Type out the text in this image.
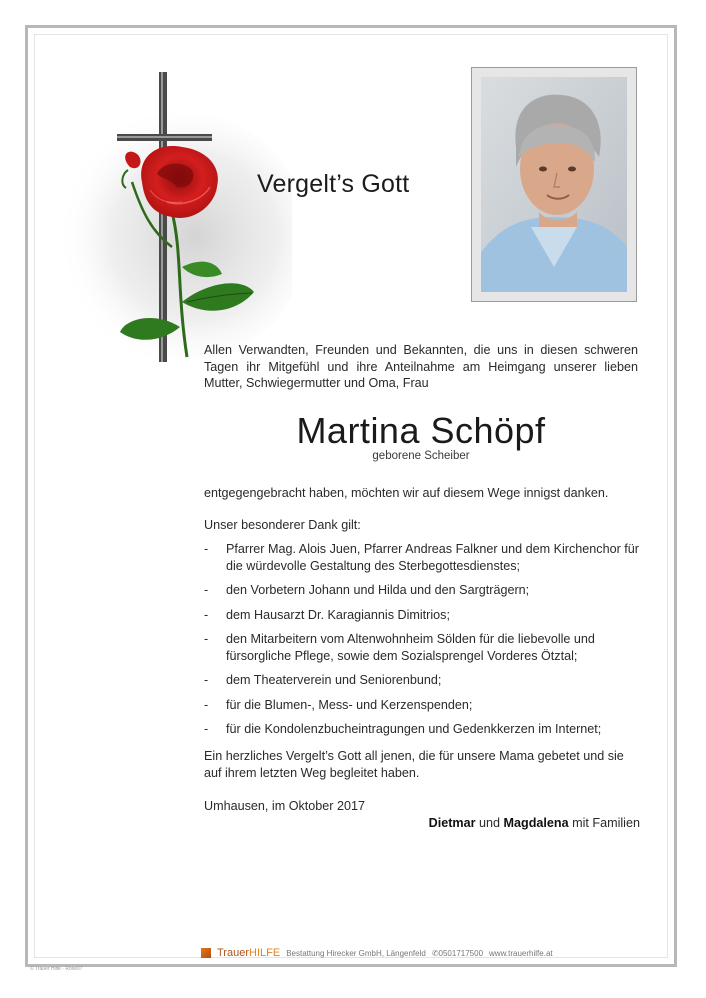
Vergelt’s Gott
Allen Verwandten, Freunden und Bekannten, die uns in diesen schweren Tagen ihr Mitgefühl und ihre Anteilnahme am Heimgang unserer lieben Mutter, Schwiegermutter und Oma, Frau
Martina Schöpf
geborene Scheiber
entgegengebracht haben, möchten wir auf diesem Wege innigst danken.
Unser besonderer Dank gilt:
- Pfarrer Mag. Alois Juen, Pfarrer Andreas Falkner und dem Kirchenchor für die würdevolle Gestaltung des Sterbegottesdienstes;
- den Vorbetern Johann und Hilda und den Sargträgern;
- dem Hausarzt Dr. Karagiannis Dimitrios;
- den Mitarbeitern vom Altenwohnheim Sölden für die liebevolle und fürsorgliche Pflege, sowie dem Sozialsprengel Vorderes Ötztal;
- dem Theaterverein und Seniorenbund;
- für die Blumen-, Mess- und Kerzenspenden;
- für die Kondolenzbucheintragungen und Gedenkkerzen im Internet;
Ein herzliches Vergelt’s Gott all jenen, die für unsere Mama gebetet und sie auf ihrem letzten Weg begleitet haben.
Umhausen, im Oktober 2017
Dietmar und Magdalena mit Familien
TrauerHILFE Bestattung Hirecker GmbH, Längenfeld ✆0501717500 www.trauerhilfe.at
© Trauer Hilfe · Rose07
